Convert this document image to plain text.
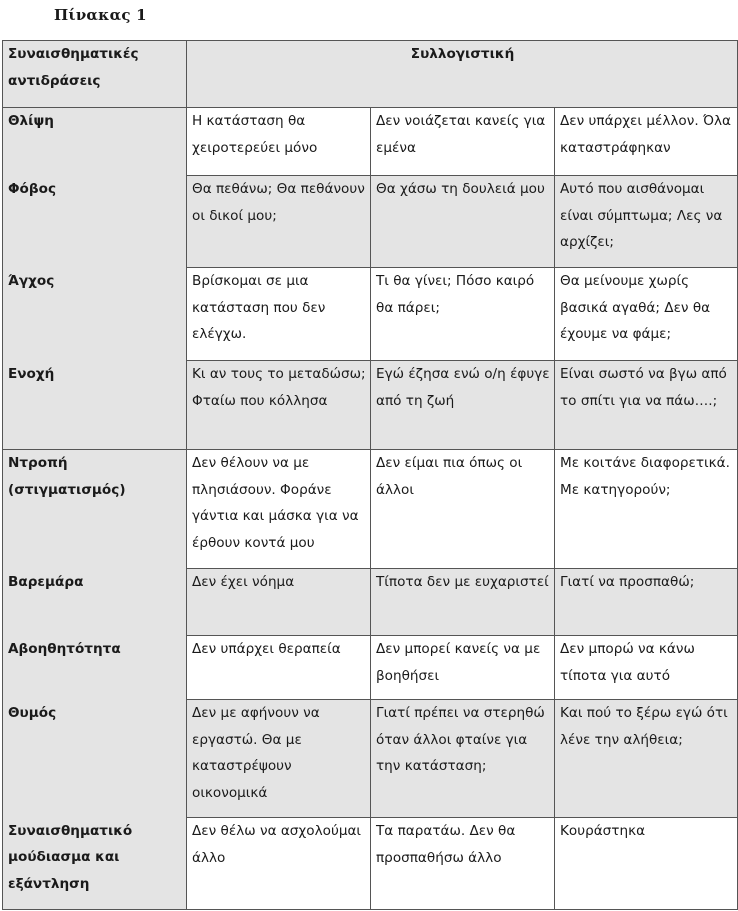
Πίνακας 1
Συναισθηματικές αντιδράσεις	Συλλογιστική		
Θλίψη	Η κατάσταση θα χειροτερεύει μόνο	Δεν νοιάζεται κανείς για εμένα	Δεν υπάρχει μέλλον. Όλα καταστράφηκαν
Φόβος	Θα πεθάνω; Θα πεθάνουν οι δικοί μου;	Θα χάσω τη δουλειά μου	Αυτό που αισθάνομαι είναι σύμπτωμα; Λες να αρχίζει;
Άγχος	Βρίσκομαι σε μια κατάσταση που δεν ελέγχω.	Τι θα γίνει; Πόσο καιρό θα πάρει;	Θα μείνουμε χωρίς βασικά αγαθά; Δεν θα έχουμε να φάμε;
Ενοχή	Κι αν τους το μεταδώσω; Φταίω που κόλλησα	Εγώ έζησα ενώ ο/η έφυγε από τη ζωή	Είναι σωστό να βγω από το σπίτι για να πάω….;
Ντροπή (στιγματισμός)	Δεν θέλουν να με πλησιάσουν. Φοράνε γάντια και μάσκα για να έρθουν κοντά μου	Δεν είμαι πια όπως οι άλλοι	Με κοιτάνε διαφορετικά. Με κατηγορούν;
Βαρεμάρα	Δεν έχει νόημα	Τίποτα δεν με ευχαριστεί	Γιατί να προσπαθώ;
Αβοηθητότητα	Δεν υπάρχει θεραπεία	Δεν μπορεί κανείς να με βοηθήσει	Δεν μπορώ να κάνω τίποτα για αυτό
Θυμός	Δεν με αφήνουν να εργαστώ. Θα με καταστρέψουν οικονομικά	Γιατί πρέπει να στερηθώ όταν άλλοι φταίνε για την κατάσταση;	Και πού το ξέρω εγώ ότι λένε την αλήθεια;
Συναισθηματικό μούδιασμα και εξάντληση	Δεν θέλω να ασχολούμαι άλλο	Τα παρατάω. Δεν θα προσπαθήσω άλλο	Κουράστηκα
